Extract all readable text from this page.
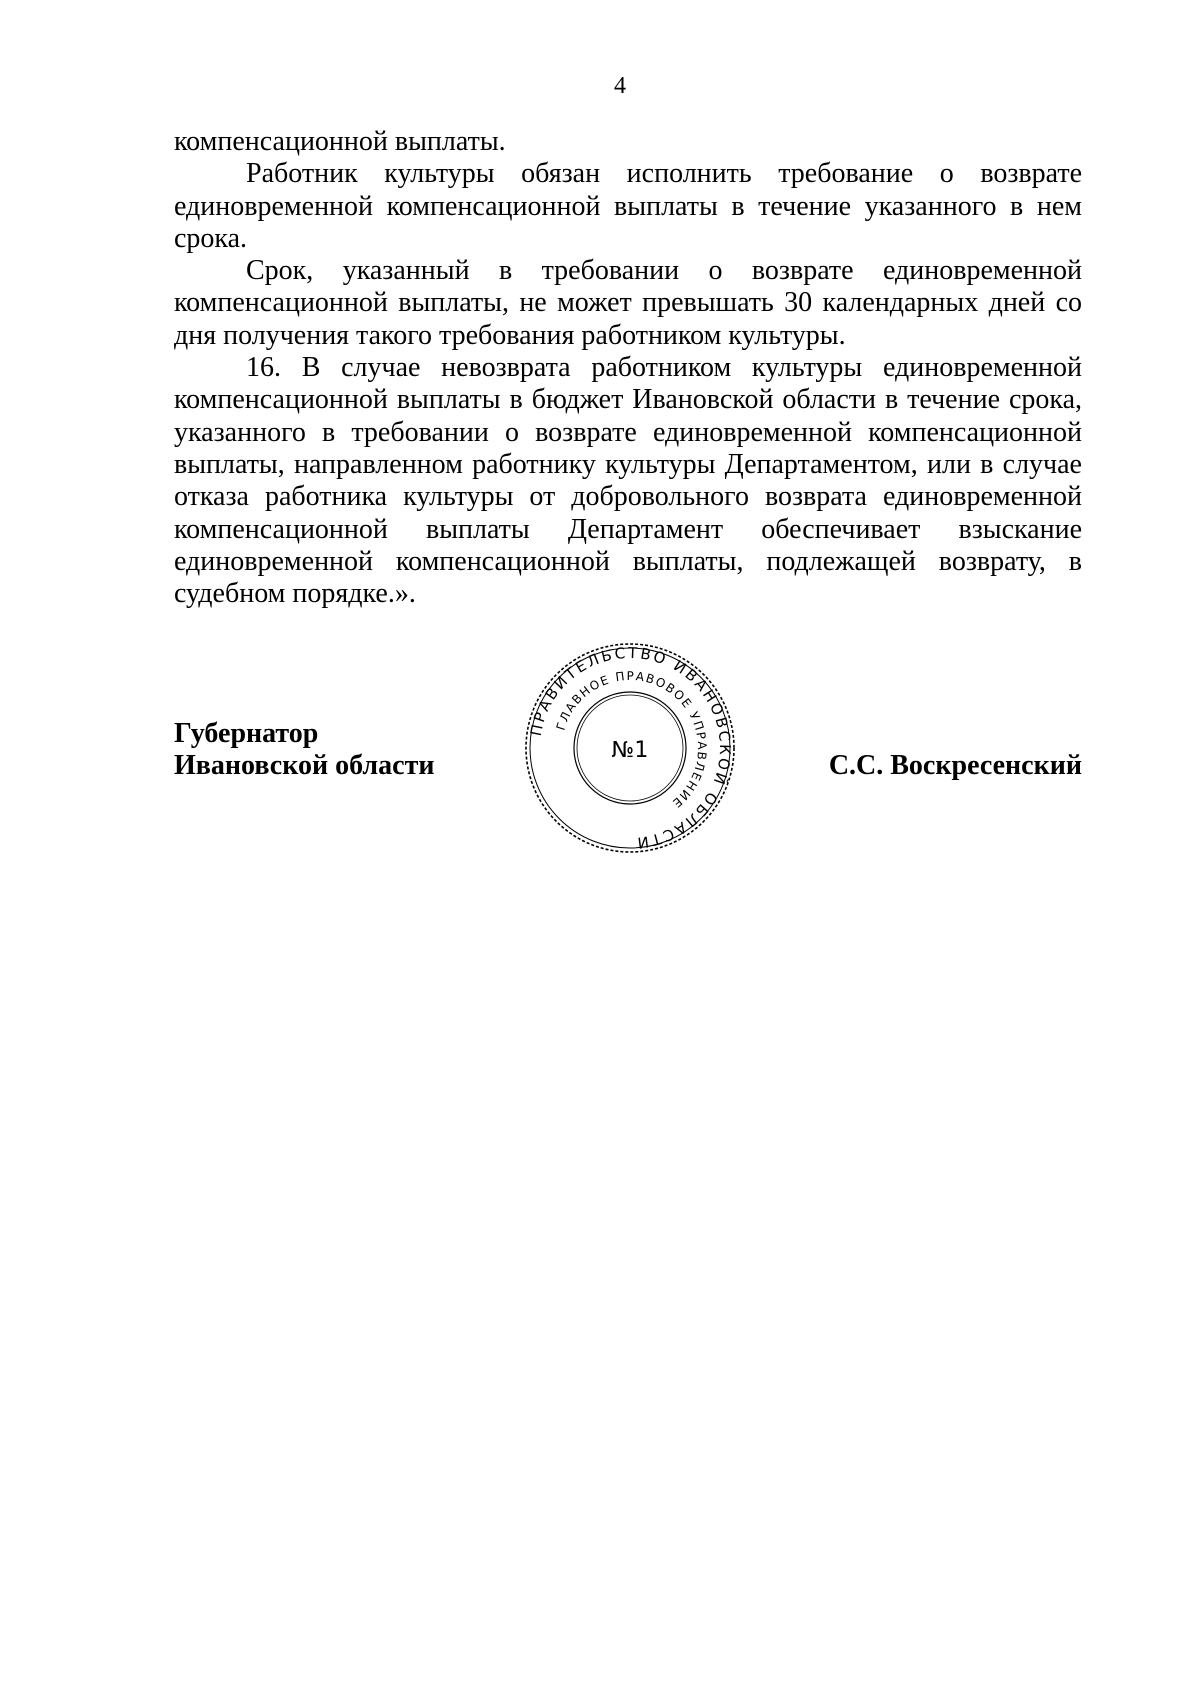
4

компенсационной выплаты.

Работник культуры обязан исполнить требование о возврате единовременной компенсационной выплаты в течение указанного в нем срока.

Срок, указанный в требовании о возврате единовременной компенсационной выплаты, не может превышать 30 календарных дней со дня получения такого требования работником культуры.

16. В случае невозврата работником культуры единовременной компенсационной выплаты в бюджет Ивановской области в течение срока, указанного в требовании о возврате единовременной компенсационной выплаты, направленном работнику культуры Департаментом, или в случае отказа работника культуры от добровольного возврата единовременной компенсационной выплаты Департамент обеспечивает взыскание единовременной компенсационной выплаты, подлежащей возврату, в судебном порядке.».

Губернатор
Ивановской области
ПРАВИТЕЛЬСТВО ИВАНОВСКОЙ ОБЛАСТИ
ГЛАВНОЕ ПРАВОВОЕ УПРАВЛЕНИЕ
№1	С.С. Воскресенский
